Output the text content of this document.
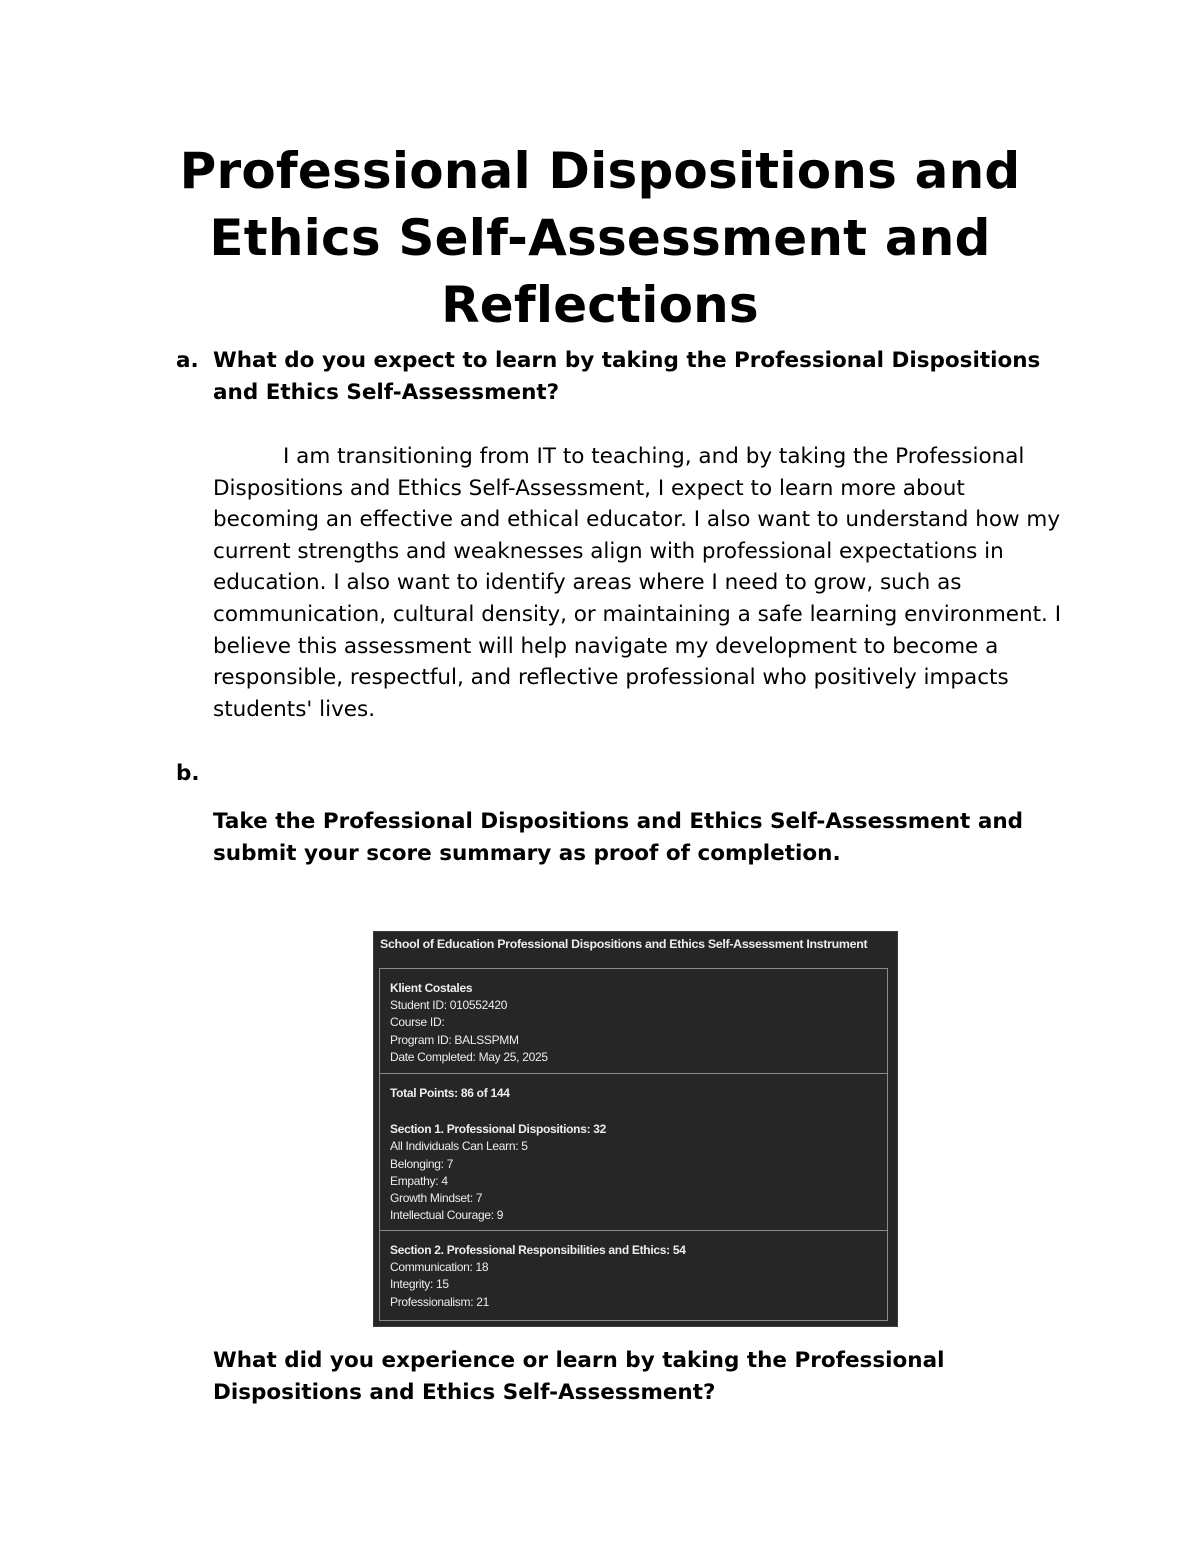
Professional Dispositions and Ethics Self-Assessment and Reflections
a. What do you expect to learn by taking the Professional Dispositions and Ethics Self-Assessment?

I am transitioning from IT to teaching, and by taking the Professional Dispositions and Ethics Self-Assessment, I expect to learn more about becoming an effective and ethical educator. I also want to understand how my current strengths and weaknesses align with professional expectations in education. I also want to identify areas where I need to grow, such as communication, cultural density, or maintaining a safe learning environment. I believe this assessment will help navigate my development to become a responsible, respectful, and reflective professional who positively impacts students' lives.

b.

Take the Professional Dispositions and Ethics Self-Assessment and submit your score summary as proof of completion.

School of Education Professional Dispositions and Ethics Self-Assessment Instrument
Klient Costales
Student ID: 010552420
Course ID:
Program ID: BALSSPMM
Date Completed: May 25, 2025
Total Points: 86 of 144
Section 1. Professional Dispositions: 32
All Individuals Can Learn: 5
Belonging: 7
Empathy: 4
Growth Mindset: 7
Intellectual Courage: 9
Section 2. Professional Responsibilities and Ethics: 54
Communication: 18
Integrity: 15
Professionalism: 21

What did you experience or learn by taking the Professional Dispositions and Ethics Self-Assessment?
